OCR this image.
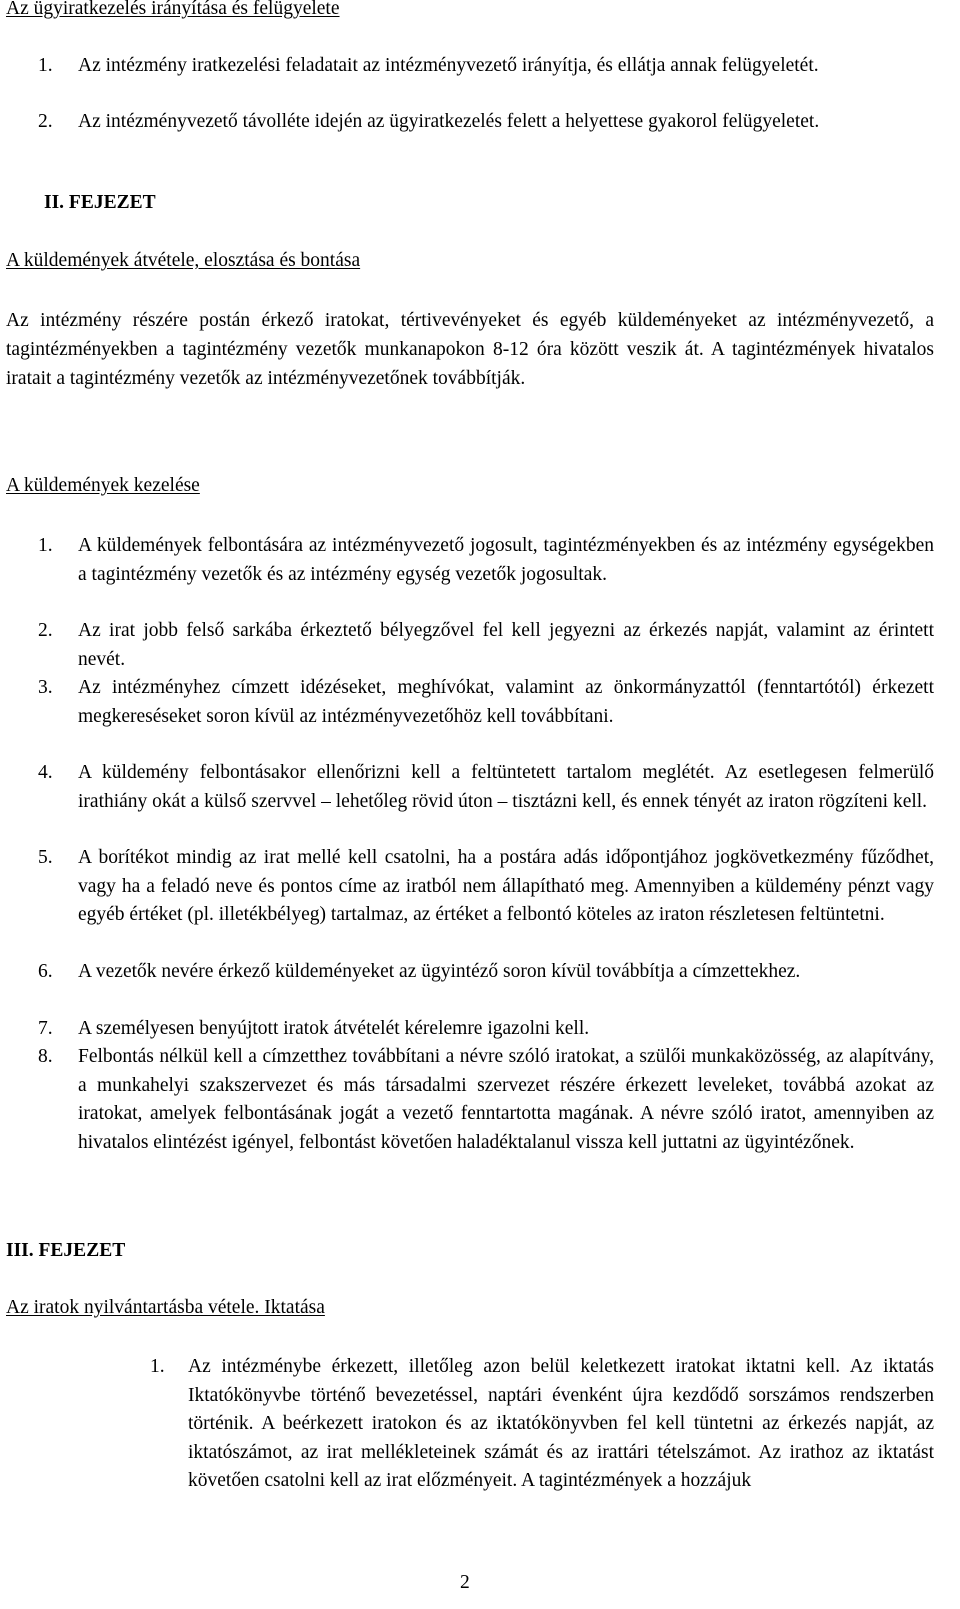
Az ügyiratkezelés irányítása és felügyelete
1. Az intézmény iratkezelési feladatait az intézményvezető irányítja, és ellátja annak felügyeletét.
2. Az intézményvezető távolléte idején az ügyiratkezelés felett a helyettese gyakorol felügyeletet.
II. FEJEZET
A küldemények átvétele, elosztása és bontása
Az intézmény részére postán érkező iratokat, tértivevényeket és egyéb küldeményeket az intézményvezető, a tagintézményekben a tagintézmény vezetők munkanapokon 8-12 óra között veszik át. A tagintézmények hivatalos iratait a tagintézmény vezetők az intézményvezetőnek továbbítják.
A küldemények kezelése
1. A küldemények felbontására az intézményvezető jogosult, tagintézményekben és az intézmény egységekben a tagintézmény vezetők és az intézmény egység vezetők jogosultak.
2. Az irat jobb felső sarkába érkeztető bélyegzővel fel kell jegyezni az érkezés napját, valamint az érintett nevét.
3. Az intézményhez címzett idézéseket, meghívókat, valamint az önkormányzattól (fenntartótól) érkezett megkereséseket soron kívül az intézményvezetőhöz kell továbbítani.
4. A küldemény felbontásakor ellenőrizni kell a feltüntetett tartalom meglétét. Az esetlegesen felmerülő irathiány okát a külső szervvel – lehetőleg rövid úton – tisztázni kell, és ennek tényét az iraton rögzíteni kell.
5. A borítékot mindig az irat mellé kell csatolni, ha a postára adás időpontjához jogkövetkezmény fűződhet, vagy ha a feladó neve és pontos címe az iratból nem állapítható meg. Amennyiben a küldemény pénzt vagy egyéb értéket (pl. illetékbélyeg) tartalmaz, az értéket a felbontó köteles az iraton részletesen feltüntetni.
6. A vezetők nevére érkező küldeményeket az ügyintéző soron kívül továbbítja a címzettekhez.
7. A személyesen benyújtott iratok átvételét kérelemre igazolni kell.
8. Felbontás nélkül kell a címzetthez továbbítani a névre szóló iratokat, a szülői munkaközösség, az alapítvány, a munkahelyi szakszervezet és más társadalmi szervezet részére érkezett leveleket, továbbá azokat az iratokat, amelyek felbontásának jogát a vezető fenntartotta magának. A névre szóló iratot, amennyiben az hivatalos elintézést igényel, felbontást követően haladéktalanul vissza kell juttatni az ügyintézőnek.
III. FEJEZET
Az iratok nyilvántartásba vétele. Iktatása
1. Az intézménybe érkezett, illetőleg azon belül keletkezett iratokat iktatni kell. Az iktatás Iktatókönyvbe történő bevezetéssel, naptári évenként újra kezdődő sorszámos rendszerben történik. A beérkezett iratokon és az iktatókönyvben fel kell tüntetni az érkezés napját, az iktatószámot, az irat mellékleteinek számát és az irattári tételszámot. Az irathoz az iktatást követően csatolni kell az irat előzményeit. A tagintézmények a hozzájuk
2
